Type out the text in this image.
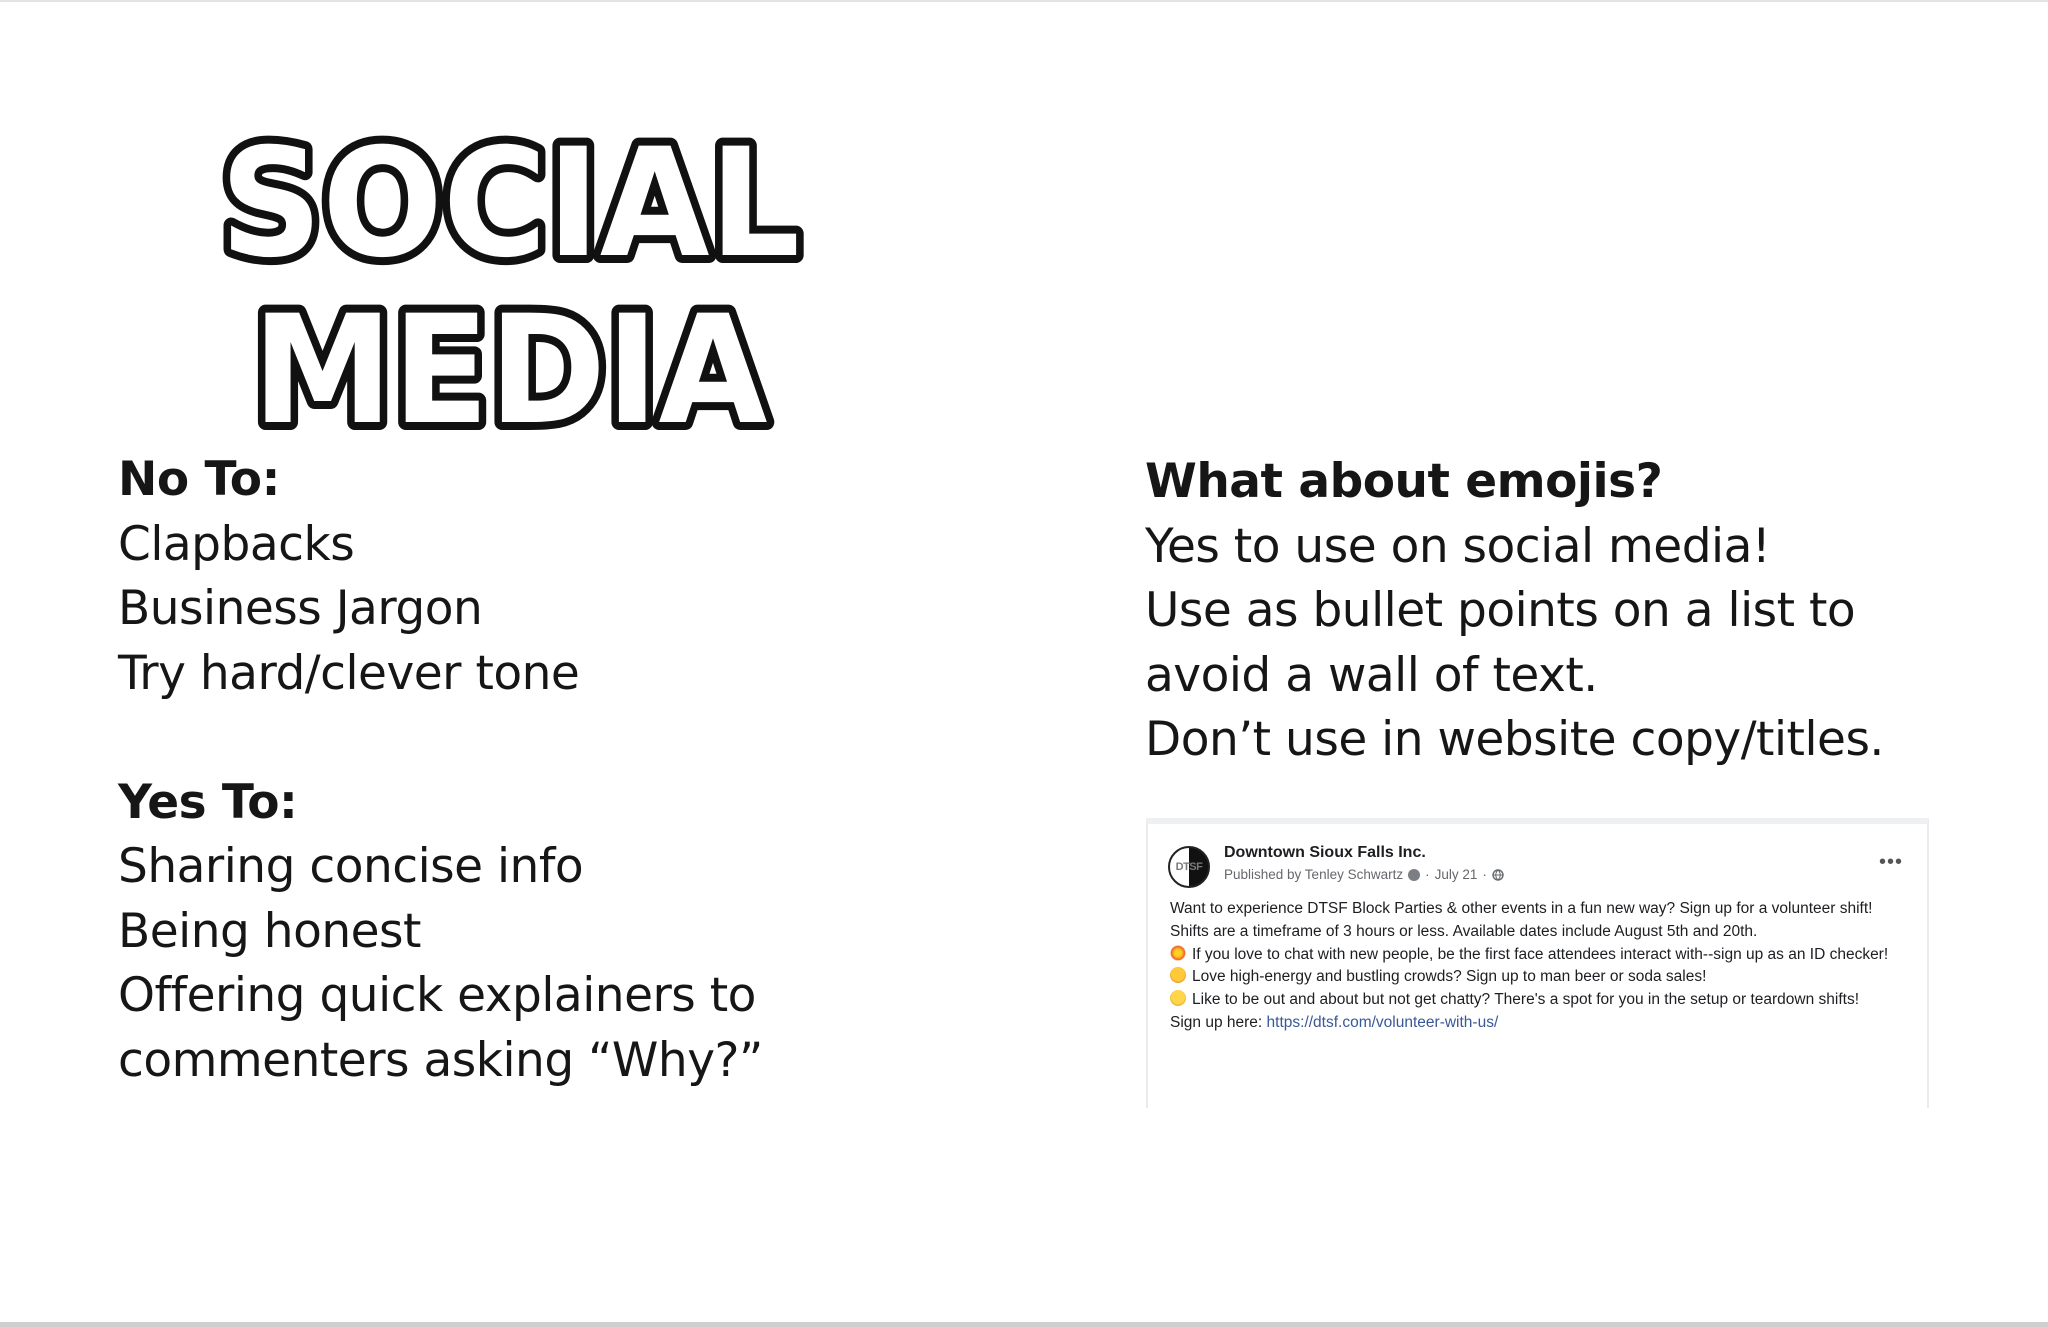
SOCIAL
MEDIA
No To:
Clapbacks
Business Jargon
Try hard/clever tone
Yes To:
Sharing concise info
Being honest
Offering quick explainers to
commenters asking “Why?”
What about emojis?
Yes to use on social media!
Use as bullet points on a list to
avoid a wall of text.
Don’t use in website copy/titles.
DTSF
Downtown Sioux Falls Inc.
Published by Tenley Schwartz · July 21 ·
•••

Want to experience DTSF Block Parties & other events in a fun new way? Sign up for a volunteer shift! Shifts are a timeframe of 3 hours or less. Available dates include August 5th and 20th.

If you love to chat with new people, be the first face attendees interact with--sign up as an ID checker!

Love high-energy and bustling crowds? Sign up to man beer or soda sales!

Like to be out and about but not get chatty? There's a spot for you in the setup or teardown shifts!

Sign up here: https://dtsf.com/volunteer-with-us/
